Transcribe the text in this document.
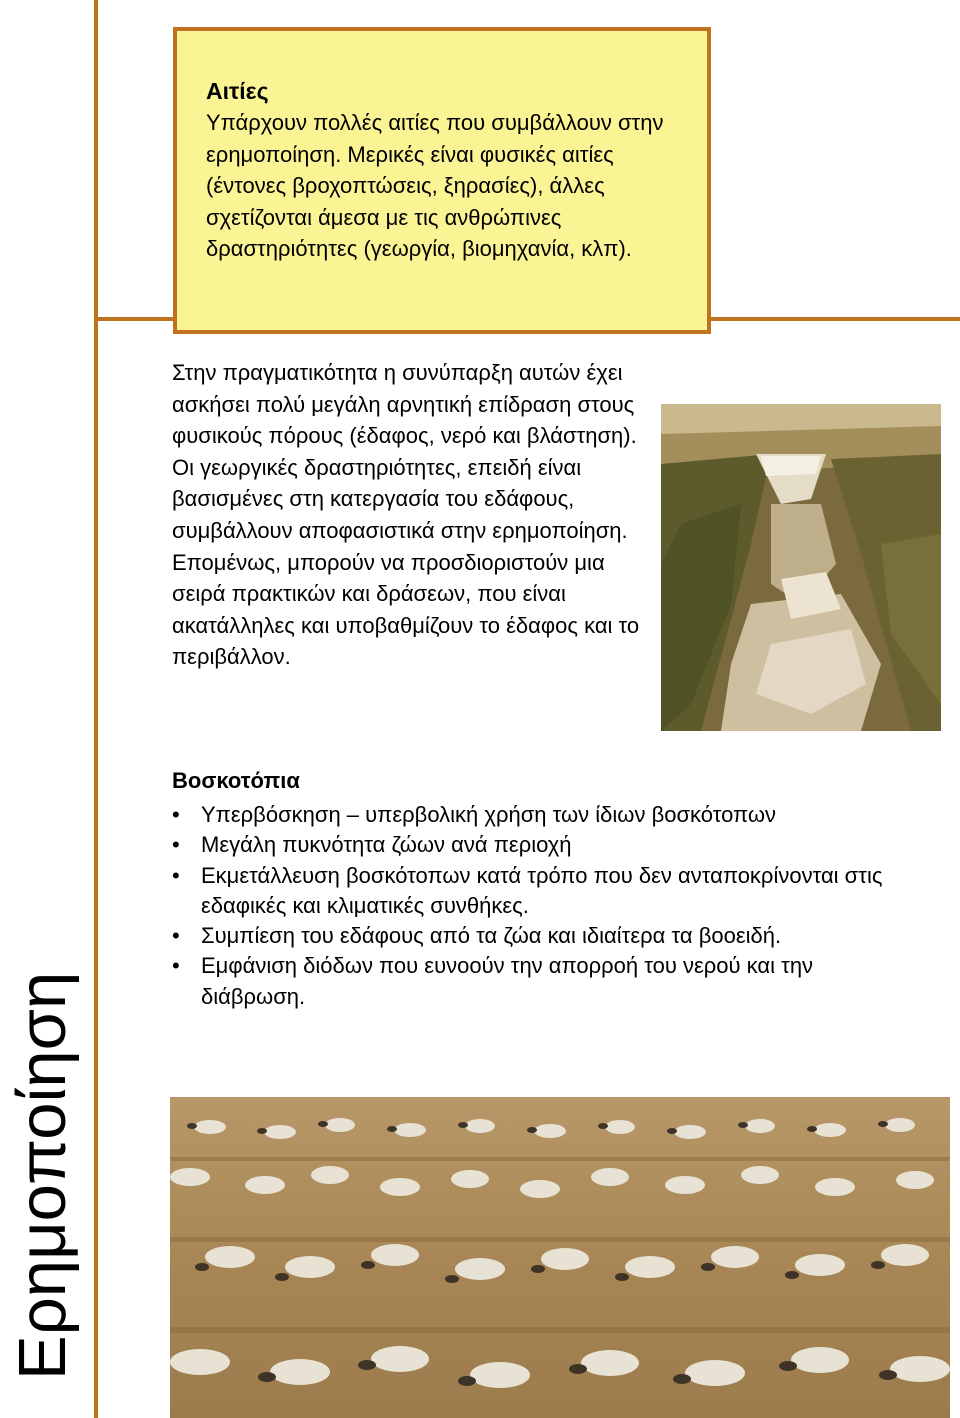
Αιτίες

Υπάρχουν πολλές αιτίες που συμβάλλουν στην ερημοποίηση. Μερικές είναι φυσικές αιτίες (έντονες βροχοπτώσεις, ξηρασίες), άλλες σχετίζονται άμεσα με τις ανθρώπινες δραστηριότητες (γεωργία, βιομηχανία, κλπ).

Στην πραγματικότητα η συνύπαρξη αυτών έχει ασκήσει πολύ μεγάλη αρνητική επίδραση στους φυσικούς πόρους (έδαφος, νερό και βλάστηση). Οι γεωργικές δραστηριότητες, επειδή είναι βασισμένες στη κατεργασία του εδάφους, συμβάλλουν αποφασιστικά στην ερημοποίηση. Επομένως, μπορούν να προσδιοριστούν μια σειρά πρακτικών και δράσεων, που είναι ακατάλληλες και υποβαθμίζουν το έδαφος και το περιβάλλον.

Βοσκοτόπια

• Υπερβόσκηση – υπερβολική χρήση των ίδιων βοσκότοπων
• Μεγάλη πυκνότητα ζώων ανά περιοχή
• Εκμετάλλευση βοσκότοπων κατά τρόπο που δεν ανταποκρίνονται στις εδαφικές και κλιματικές συνθήκες.
• Συμπίεση του εδάφους από τα ζώα και ιδιαίτερα τα βοοειδή.
• Εμφάνιση διόδων που ευνοούν την απορροή του νερού και την διάβρωση.
Ερημοποίηση
